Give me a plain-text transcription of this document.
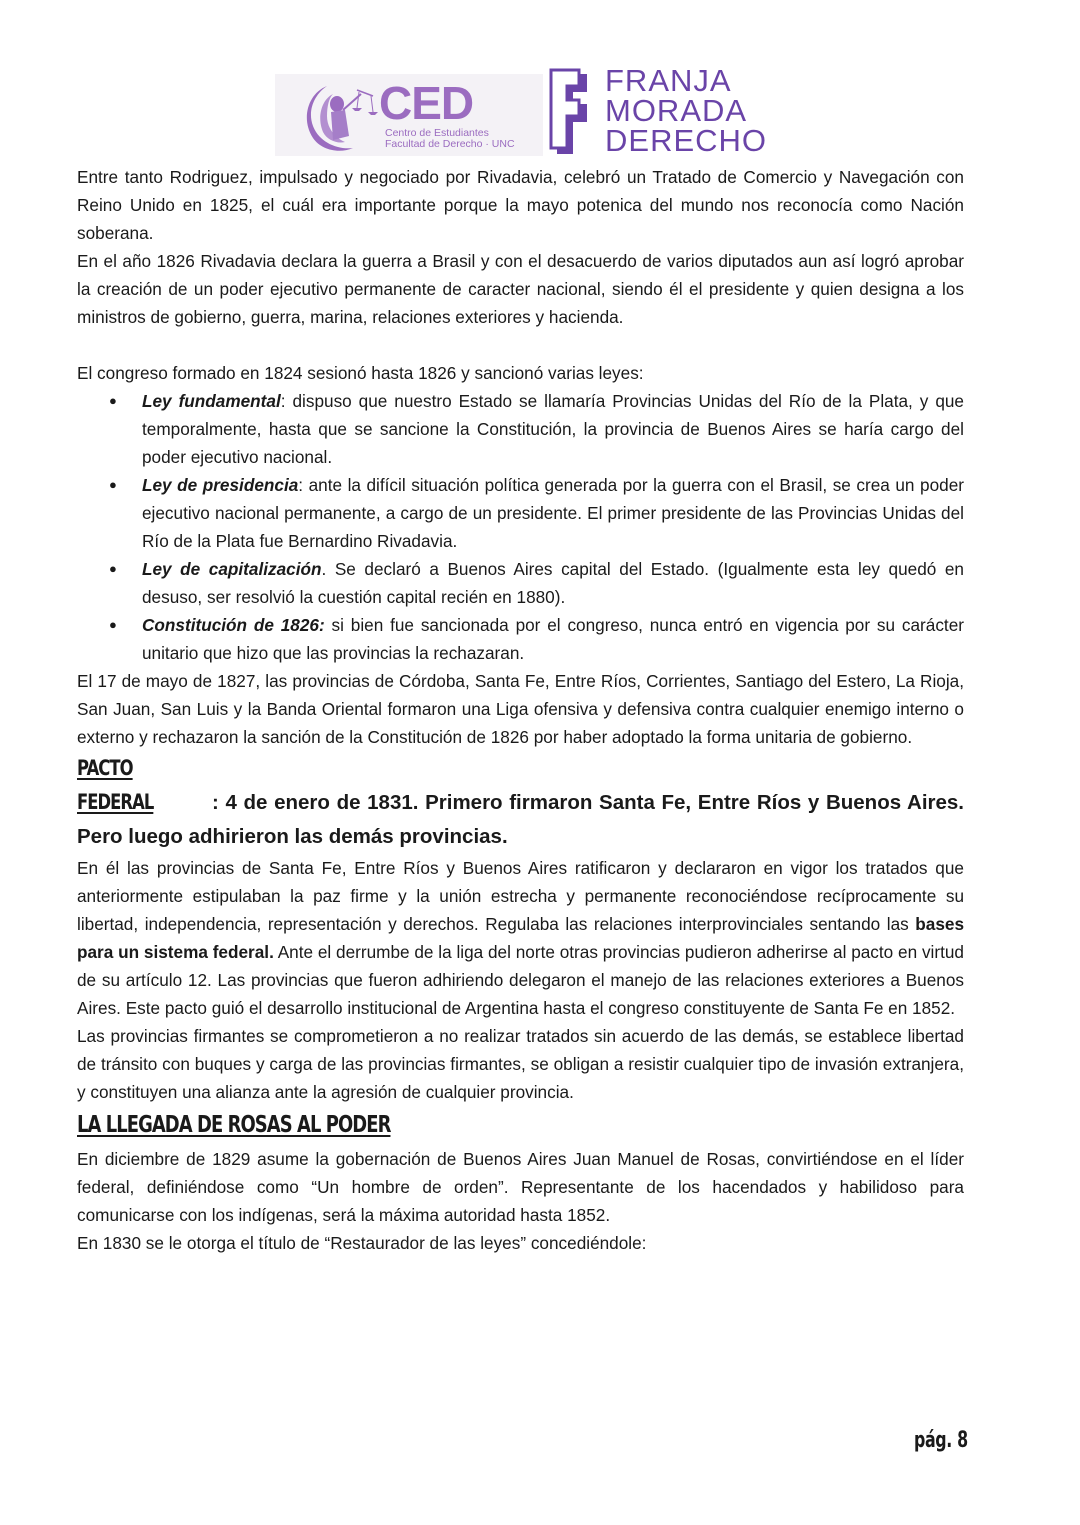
CED
Centro de Estudiantes
Facultad de Derecho · UNC
FRANJA
MORADA
DERECHO

Entre tanto Rodriguez, impulsado y negociado por Rivadavia, celebró un Tratado de Comercio y Navegación con Reino Unido en 1825, el cuál era importante porque la mayo potenica del mundo nos reconocía como Nación soberana.

En el año 1826 Rivadavia declara la guerra a Brasil y con el desacuerdo de varios diputados aun así logró aprobar la creación de un poder ejecutivo permanente de caracter nacional, siendo él el presidente y quien designa a los ministros de gobierno, guerra, marina, relaciones exteriores y hacienda.

El congreso formado en 1824 sesionó hasta 1826 y sancionó varias leyes:

● Ley fundamental: dispuso que nuestro Estado se llamaría Provincias Unidas del Río de la Plata, y que temporalmente, hasta que se sancione la Constitución, la provincia de Buenos Aires se haría cargo del poder ejecutivo nacional.
● Ley de presidencia: ante la difícil situación política generada por la guerra con el Brasil, se crea un poder ejecutivo nacional permanente, a cargo de un presidente. El primer presidente de las Provincias Unidas del Río de la Plata fue Bernardino Rivadavia.
● Ley de capitalización. Se declaró a Buenos Aires capital del Estado. (Igualmente esta ley quedó en desuso, ser resolvió la cuestión capital recién en 1880).
● Constitución de 1826: si bien fue sancionada por el congreso, nunca entró en vigencia por su carácter unitario que hizo que las provincias la rechazaran.

El 17 de mayo de 1827, las provincias de Córdoba, Santa Fe, Entre Ríos, Corrientes, Santiago del Estero, La Rioja, San Juan, San Luis y la Banda Oriental formaron una Liga ofensiva y defensiva contra cualquier enemigo interno o externo y rechazaron la sanción de la Constitución de 1826 por haber adoptado la forma unitaria de gobierno.

PACTO FEDERAL	: 4 de enero de 1831. Primero firmaron Santa Fe, Entre Ríos y Buenos Aires. Pero luego adhirieron las demás provincias.

En él las provincias de Santa Fe, Entre Ríos y Buenos Aires ratificaron y declararon en vigor los tratados que anteriormente estipulaban la paz firme y la unión estrecha y permanente reconociéndose recíprocamente su libertad, independencia, representación y derechos. Regulaba las relaciones interprovinciales sentando las bases para un sistema federal. Ante el derrumbe de la liga del norte otras provincias pudieron adherirse al pacto en virtud de su artículo 12. Las provincias que fueron adhiriendo delegaron el manejo de las relaciones exteriores a Buenos Aires. Este pacto guió el desarrollo institucional de Argentina hasta el congreso constituyente de Santa Fe en 1852.

Las provincias firmantes se comprometieron a no realizar tratados sin acuerdo de las demás, se establece libertad de tránsito con buques y carga de las provincias firmantes, se obligan a resistir cualquier tipo de invasión extranjera, y constituyen una alianza ante la agresión de cualquier provincia.

LA LLEGADA DE ROSAS AL PODER

En diciembre de 1829 asume la gobernación de Buenos Aires Juan Manuel de Rosas, convirtiéndose en el líder federal, definiéndose como “Un hombre de orden”. Representante de los hacendados y habilidoso para comunicarse con los indígenas, será la máxima autoridad hasta 1852.

En 1830 se le otorga el título de “Restaurador de las leyes” concediéndole:

pág. 8
